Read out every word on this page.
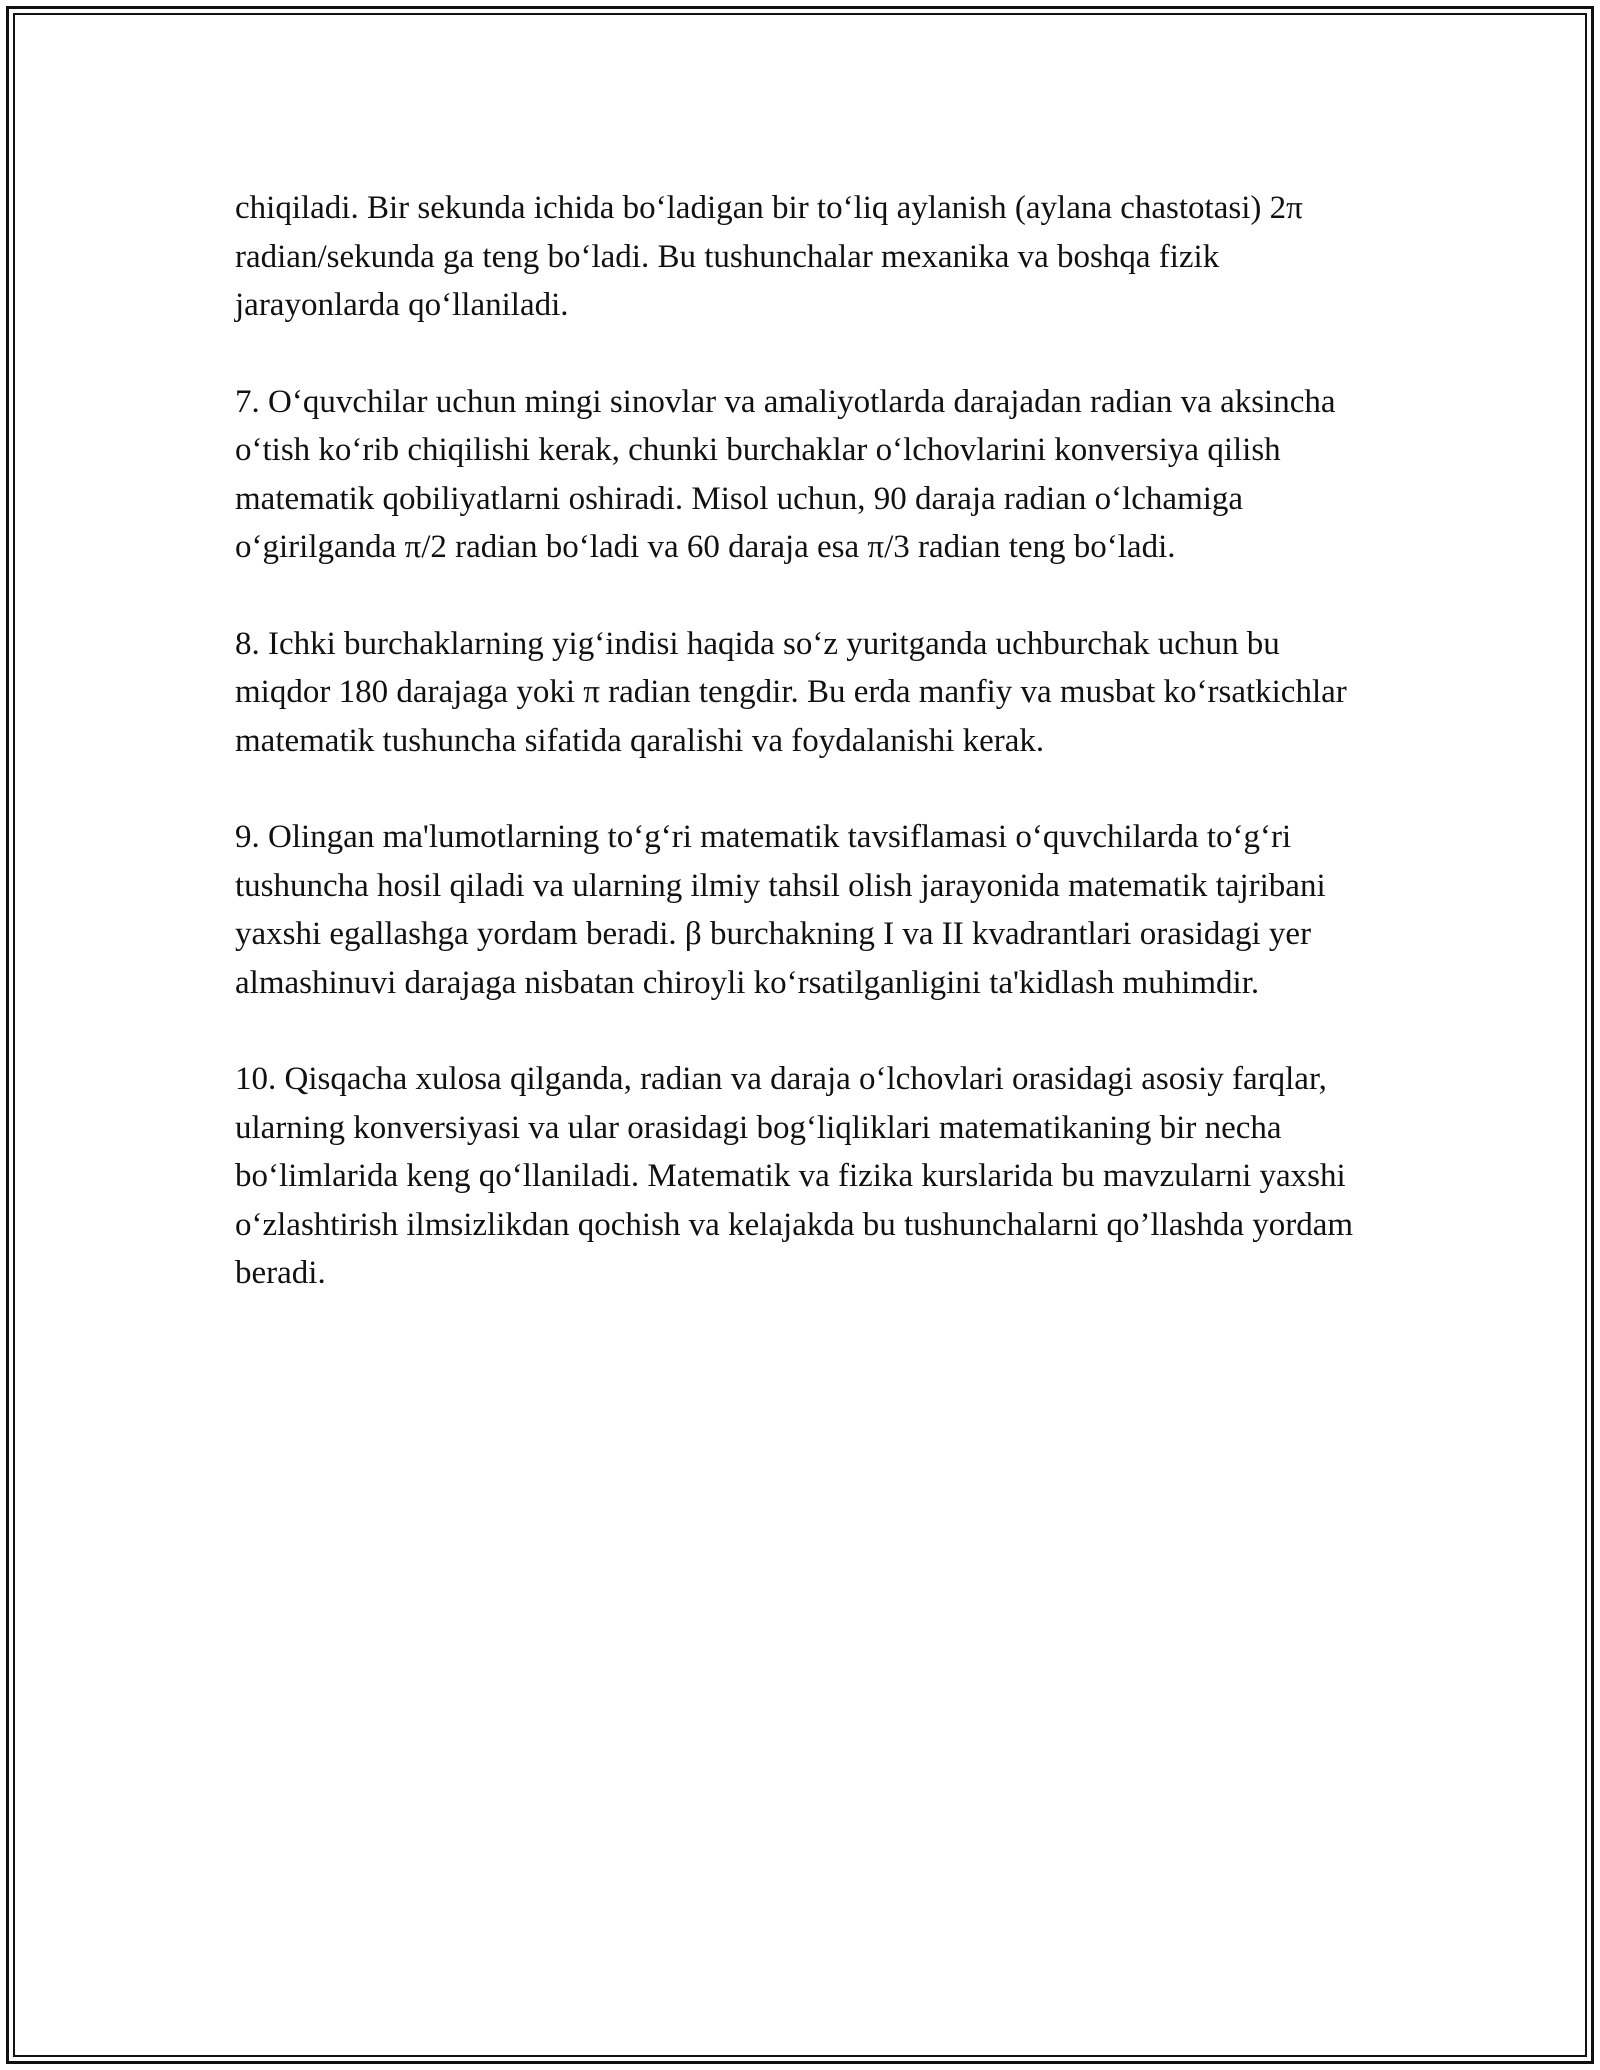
chiqiladi. Bir sekunda ichida bo‘ladigan bir to‘liq aylanish (aylana chastotasi) 2π radian/sekunda ga teng bo‘ladi. Bu tushunchalar mexanika va boshqa fizik jarayonlarda qo‘llaniladi.

7. O‘quvchilar uchun mingi sinovlar va amaliyotlarda darajadan radian va aksincha o‘tish ko‘rib chiqilishi kerak, chunki burchaklar o‘lchovlarini konversiya qilish matematik qobiliyatlarni oshiradi. Misol uchun, 90 daraja radian o‘lchamiga o‘girilganda π/2 radian bo‘ladi va 60 daraja esa π/3 radian teng bo‘ladi.

8. Ichki burchaklarning yig‘indisi haqida so‘z yuritganda uchburchak uchun bu miqdor 180 darajaga yoki π radian tengdir. Bu erda manfiy va musbat ko‘rsatkichlar matematik tushuncha sifatida qaralishi va foydalanishi kerak.

9. Olingan ma'lumotlarning to‘g‘ri matematik tavsiflamasi o‘quvchilarda to‘g‘ri tushuncha hosil qiladi va ularning ilmiy tahsil olish jarayonida matematik tajribani yaxshi egallashga yordam beradi. β burchakning I va II kvadrantlari orasidagi yer almashinuvi darajaga nisbatan chiroyli ko‘rsatilganligini ta'kidlash muhimdir.

10. Qisqacha xulosa qilganda, radian va daraja o‘lchovlari orasidagi asosiy farqlar, ularning konversiyasi va ular orasidagi bog‘liqliklari matematikaning bir necha bo‘limlarida keng qo‘llaniladi. Matematik va fizika kurslarida bu mavzularni yaxshi o‘zlashtirish ilmsizlikdan qochish va kelajakda bu tushunchalarni qo’llashda yordam beradi.
